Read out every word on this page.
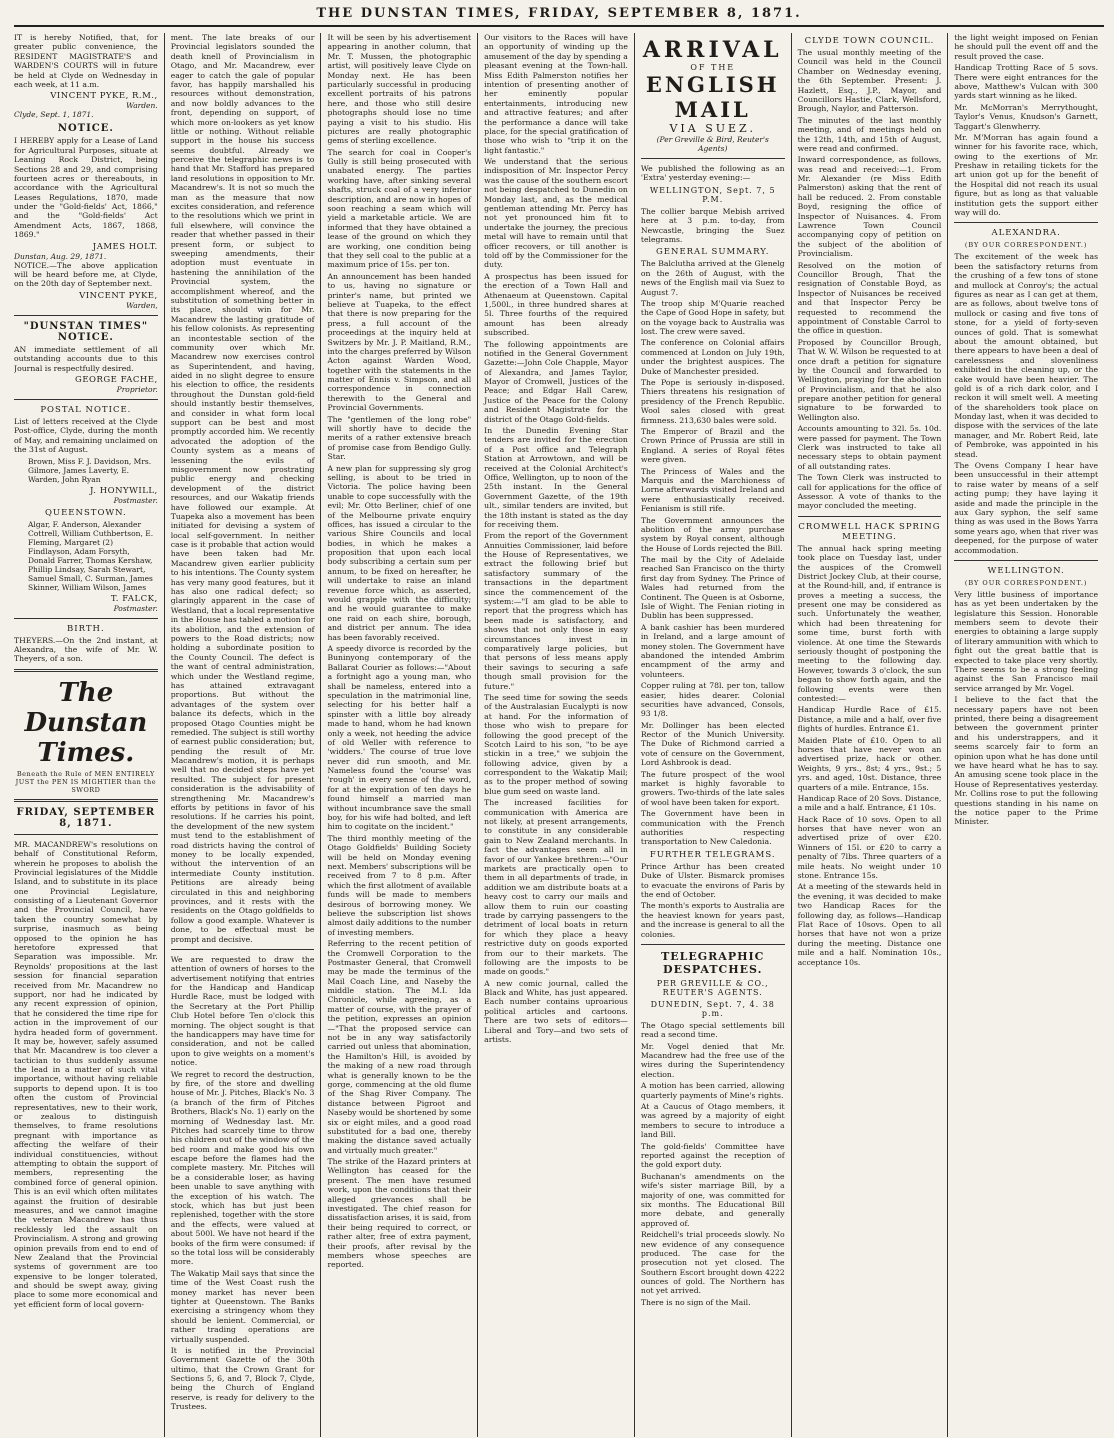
THE DUNSTAN TIMES, FRIDAY, SEPTEMBER 8, 1871.

IT is hereby Notified, that, for greater public convenience, the RESIDENT MAGISTRATE'S and WARDEN'S COURTS will in future be held at Clyde on Wednesday in each week, at 11 a.m.

VINCENT PYKE, R.M.,
Warden.
Clyde, Sept. 1, 1871.
NOTICE.

I HEREBY apply for a Lease of Land for Agricultural Purposes, situate at Leaning Rock District, being Sections 28 and 29, and comprising fourteen acres or thereabouts, in accordance with the Agricultural Leases Regulations, 1870, made under the "Gold-fields' Act, 1866," and the "Gold-fields' Act Amendment Acts, 1867, 1868, 1869."

JAMES HOLT.
Dunstan, Aug. 29, 1871.

NOTICE.—The above application will be heard before me, at Clyde, on the 20th day of September next.

VINCENT PYKE,
Warden,
"DUNSTAN TIMES" NOTICE.

AN immediate settlement of all outstanding accounts due to this Journal is respectfully desired.

GEORGE FACHE,
Proprietor.
POSTAL NOTICE.

List of letters received at the Clyde Post-office, Clyde, during the month of May, and remaining unclaimed on the 31st of August.

Brown, Miss F. J. Davidson, Mrs. Gilmore, James Laverty, E. Warden, John Ryan
J. HONYWILL,
Postmaster.
QUEENSTOWN.
Algar, F. Anderson, Alexander Cottrell, William Cuthbertson, E. Fleming, Margaret (2) Findlayson, Adam Forsyth, Donald Farrer, Thomas Kershaw, Phillip Lindsay, Sarah Stewart, Samuel Small, C. Surman, James Skinner, William Wilson, James
T. FALCK,
Postmaster.
BIRTH.

THEYERS.—On the 2nd instant, at Alexandra, the wife of Mr. W. Theyers, of a son.

The Dunstan Times.
Beneath the Rule of MEN ENTIRELY JUST the PEN IS MIGHTIER than the SWORD
FRIDAY, SEPTEMBER 8, 1871.

MR. MACANDREW's resolutions on behalf of Constitutional Reform, wherein he proposes to abolish the Provincial legislatures of the Middle Island, and to substitute in its place one Provincial Legislature, consisting of a Lieutenant Governor and the Provincial Council, have taken the country somewhat by surprise, inasmuch as being opposed to the opinion he has heretofore expressed that Separation was impossible. Mr. Reynolds' propositions at the last session for financial separation received from Mr. Macandrew no support, nor had he indicated by any recent expression of opinion, that he considered the time ripe for action in the improvement of our hydra headed form of government. It may be, however, safely assumed that Mr. Macandrew is too clever a tactician to thus suddenly assume the lead in a matter of such vital importance, without having reliable supports to depend upon. It is too often the custom of Provincial representatives, new to their work, or zealous to distinguish themselves, to frame resolutions pregnant with importance as affecting the welfare of their individual constituencies, without attempting to obtain the support of members, representing the combined force of general opinion. This is an evil which often militates against the fruition of desirable measures, and we cannot imagine the veteran Macandrew has thus recklessly led the assault on Provincialism. A strong and growing opinion prevails from end to end of New Zealand that the Provincial systems of government are too expensive to be longer tolerated, and should be swept away, giving place to some more economical and yet efficient form of local govern-

ment. The late breaks of our Provincial legislators sounded the death knell of Provincialism in Otago, and Mr. Macandrew, ever eager to catch the gale of popular favor, has happily marshalled his resources without demonstration, and now boldly advances to the front, depending on support, of which more on-lookers as yet know little or nothing. Without reliable support in the house his success seems doubtful. Already we perceive the telegraphic news is to hand that Mr. Stafford has prepared land resolutions in opposition to Mr. Macandrew's. It is not so much the man as the measure that now excites consideration, and reference to the resolutions which we print in full elsewhere, will convince the reader that whether passed in their present form, or subject to sweeping amendments, their adoption must eventuate in hastening the annihilation of the Provincial system, the accomplishment whereof, and the substitution of something better in its place, should win for Mr. Macandrew the lasting gratitude of his fellow colonists. As representing an incontestable section of the community over which Mr. Macandrew now exercises control as Superintendent, and having, aided in no slight degree to ensure his election to office, the residents throughout the Dunstan gold-field should instantly bestir themselves, and consider in what form local support can be best and most promptly accorded him. We recently advocated the adoption of the County system as a means of lessening the evils of misgovernment now prostrating public energy and checking development of the district resources, and our Wakatip friends have followed our example. At Tuapeka also a movement has been initiated for devising a system of local self-government. In neither case is it probable that action would have been taken had Mr. Macandrew given earlier publicity to his intentions. The County system has very many good features, but it has also one radical defect; so glaringly apparent in the case of Westland, that a local representative in the House has tabled a motion for its abolition, and the extension of powers to the Road districts; now holding a subordinate position to the County Council. The defect is the want of central administration, which under the Westland regime, has attained extravagant proportions. But without the advantages of the system over balance its defects, which in the proposed Otago Counties might be remedied. The subject is still worthy of earnest public consideration; but, pending the result of Mr. Macandrew's motion, it is perhaps well that no decided steps have yet resulted. The subject for present consideration is the advisability of strengthening Mr. Macandrew's efforts by petitions in favor of his resolutions. If he carries his point, the development of the new system must tend to the establishment of road districts having the control of money to be locally expended, without the intervention of an intermediate County institution. Petitions are already being circulated in this and neighboring provinces, and it rests with the residents on the Otago goldfields to follow a good example. Whatever is done, to be effectual must be prompt and decisive.

We are requested to draw the attention of owners of horses to the advertisement notifying that entries for the Handicap and Handicap Hurdle Race, must be lodged with the Secretary at the Port Phillip Club Hotel before Ten o'clock this morning. The object sought is that the handicappers may have time for consideration, and not be called upon to give weights on a moment's notice.

We regret to record the destruction, by fire, of the store and dwelling house of Mr. J. Pitches, Black's No. 3 (a branch of the firm of Pitches Brothers, Black's No. 1) early on the morning of Wednesday last. Mr. Pitches had scarcely time to throw his children out of the window of the bed room and make good his own escape before the flames had the complete mastery. Mr. Pitches will be a considerable loser, as having been unable to save anything with the exception of his watch. The stock, which has but just been replenished, together with the store and the effects, were valued at about 500l. We have not heard if the books of the firm were consumed: if so the total loss will be considerably more.

The Wakatip Mail says that since the time of the West Coast rush the money market has never been tighter at Queenstown. The Banks exercising a stringency whom they should be lenient. Commercial, or rather trading operations are virtually suspended.

It is notified in the Provincial Government Gazette of the 30th ultimo, that the Crown Grant for Sections 5, 6, and 7, Block 7, Clyde, being the Church of England reserve, is ready for delivery to the Trustees.

It will be seen by his advertisement appearing in another column, that Mr. T. Mussen, the photographic artist, will positively leave Clyde on Monday next. He has been particularly successful in producing excellent portraits of his patrons here, and those who still desire photographs should lose no time paying a visit to his studio. His pictures are really photographic gems of sterling excellence.

The search for coal in Cooper's Gully is still being prosecuted with unabated energy. The parties working have, after sinking several shafts, struck coal of a very inferior description, and are now in hopes of soon reaching a seam which will yield a marketable article. We are informed that they have obtained a lease of the ground on which they are working, one condition being that they sell coal to the public at a maximum price of 15s. per ton.

An announcement has been handed to us, having no signature or printer's name, but printed we believe at Tuapeka, to the effect that there is now preparing for the press, a full account of the proceedings at the inquiry held at Switzers by Mr. J. P. Maitland, R.M., into the charges preferred by Wilson Acton against Warden Wood, together with the statements in the matter of Ennis v. Simpson, and all correspondence in connection therewith to the General and Provincial Governments.

The "gentlemen of the long robe" will shortly have to decide the merits of a rather extensive breach of promise case from Bendigo Gully. Star.

A new plan for suppressing sly grog selling, is about to be tried in Victoria. The police having been unable to cope successfully with the evil; Mr. Otto Berliner, chief of one of the Melbourne private enquiry offices, has issued a circular to the various Shire Councils and local bodies, in which he makes a proposition that upon each local body subscribing a certain sum per annum, to be fixed on hereafter, he will undertake to raise an inland revenue force which, as asserted, would grapple with the difficulty; and he would guarantee to make one raid on each shire, borough, and district per annum. The idea has been favorably received.

A speedy divorce is recorded by the Buninyong contemporary of the Ballarat Courier as follows:—"About a fortnight ago a young man, who shall be nameless, entered into a speculation in the matrimonial line, selecting for his better half a spinster with a little boy already made to hand, whom he had known only a week, not heeding the advice of old Weller with reference to 'widders.' The course of true love never did run smooth, and Mr. Nameless found the 'course' was 'rough' in every sense of the word, for at the expiration of ten days he found himself a married man without incumbrance save the small boy, for his wife had bolted, and left him to cogitate on the incident."

The third monthly meeting of the Otago Goldfields' Building Society will be held on Monday evening next. Members' subscriptions will be received from 7 to 8 p.m. After which the first allotment of available funds will be made to members desirous of borrowing money. We believe the subscription list shows almost daily additions to the number of investing members.

Referring to the recent petition of the Cromwell Corporation to the Postmaster General, that Cromwell may be made the terminus of the Mail Coach Line, and Naseby the middle station. The M.I. Ida Chronicle, while agreeing, as a matter of course, with the prayer of the petition, expresses an opinion—"That the proposed service can not be in any way satisfactorily carried out unless that abomination, the Hamilton's Hill, is avoided by the making of a new road through what is generally known to be the gorge, commencing at the old flume of the Shag River Company. The distance between Pigroot and Naseby would be shortened by some six or eight miles, and a good road substituted for a bad one, thereby making the distance saved actually and virtually much greater."

The strike of the Hazard printers at Wellington has ceased for the present. The men have resumed work, upon the conditions that their alleged grievances shall be investigated. The chief reason for dissatisfaction arises, it is said, from their being required to correct, or rather alter, free of extra payment, their proofs, after revisal by the members whose speeches are reported.

Our visitors to the Races will have an opportunity of winding up the amusement of the day by spending a pleasant evening at the Town-hall. Miss Edith Palmerston notifies her intention of presenting another of her eminently popular entertainments, introducing new and attractive features; and after the performance a dance will take place, for the special gratification of those who wish to "trip it on the light fantastic."

We understand that the serious indisposition of Mr. Inspector Percy was the cause of the southern escort not being despatched to Dunedin on Monday last, and, as the medical gentleman attending Mr. Percy has not yet pronounced him fit to undertake the journey, the precious metal will have to remain until that officer recovers, or till another is told off by the Commissioner for the duty.

A prospectus has been issued for the erection of a Town Hall and Athenaeum at Queenstown. Capital 1,500l., in three hundred shares at 5l. Three fourths of the required amount has been already subscribed.

The following appointments are notified in the General Government Gazette:—John Cole Chapple, Mayor of Alexandra, and James Taylor, Mayor of Cromwell, Justices of the Peace; and Edgar Hall Carew, Justice of the Peace for the Colony and Resident Magistrate for the district of the Otago Gold-fields.

In the Dunedin Evening Star tenders are invited for the erection of a Post office and Telegraph Station at Arrowtown, and will be received at the Colonial Architect's Office, Wellington, up to noon of the 25th instant. In the General Government Gazette, of the 19th ult., similar tenders are invited, but the 18th instant is stated as the day for receiving them.

From the report of the Government Annuities Commissioner, laid before the House of Representatives, we extract the following brief but satisfactory summary of the transactions in the department since the commencement of the system:—"I am glad to be able to report that the progress which has been made is satisfactory, and shows that not only those in easy circumstances invest in comparatively large policies, but that persons of less means apply their savings to securing a safe though small provision for the future."

The seed time for sowing the seeds of the Australasian Eucalypti is now at hand. For the information of those who wish to prepare for following the good precept of the Scotch Laird to his son, "to be aye stickin in a tree," we subjoin the following advice, given by a correspondent to the Wakatip Mail; as to the proper method of sowing blue gum seed on waste land.

The increased facilities for communication with America are not likely, at present arrangements, to constitute in any considerable gain to New Zealand merchants. In fact the advantages seem all in favor of our Yankee brethren:—"Our markets are practically open to them in all departments of trade, in addition we am distribute boats at a heavy cost to carry our mails and allow them to ruin our coasting trade by carrying passengers to the detriment of local boats in return for which they place a heavy restrictive duty on goods exported from our to their markets. The following are the imposts to be made on goods."

A new comic journal, called the Black and White, has just appeared. Each number contains uproarious political articles and cartoons. There are two sets of editors—Liberal and Tory—and two sets of artists.

ARRIVAL
OF THE
ENGLISH MAIL
VIA SUEZ.
(Per Greville & Bird, Reuter's Agents)

We published the following as an 'Extra' yesterday evening:—

WELLINGTON, Sept. 7, 5 P.M.

The collier barque Mebish arrived here at 3 p.m. to-day, from Newcastle, bringing the Suez telegrams.

GENERAL SUMMARY.

The Balclutha arrived at the Glenelg on the 26th of August, with the news of the English mail via Suez to August 7.

The troop ship M'Quarie reached the Cape of Good Hope in safety, but on the voyage back to Australia was lost. The crew were saved.

The conference on Colonial affairs commenced at London on July 19th, under the brightest auspices. The Duke of Manchester presided.

The Pope is seriously in-disposed. Thiers threatens his resignation of presidency of the French Republic. Wool sales closed with great firmness. 213,630 bales were sold.

The Emperor of Brazil and the Crown Prince of Prussia are still in England. A series of Royal fêtes were given.

The Princess of Wales and the Marquis and the Marchioness of Lorne afterwards visited Ireland and were enthusiastically received. Fenianism is still rife.

The Government announces the abolition of the army purchase system by Royal consent, although the House of Lords rejected the Bill.

The mail by the City of Adelaide reached San Francisco on the thirty first day from Sydney. The Prince of Wales had returned from the Continent. The Queen is at Osborne, Isle of Wight. The Fenian rioting in Dublin has been suppressed.

A bank cashier has been murdered in Ireland, and a large amount of money stolen. The Government have abandoned the intended Ambrim encampment of the army and volunteers.

Copper ruling at 78l. per ton, tallow easier, hides dearer. Colonial securities have advanced, Consols, 93 1/8.

Mr. Dollinger has been elected Rector of the Munich University. The Duke of Richmond carried a vote of censure on the Government, Lord Ashbrook is dead.

The future prospect of the wool market is highly favorable to growers. Two-thirds of the late sales of wool have been taken for export.

The Government have been in communication with the French authorities respecting transportation to New Caledonia.

FURTHER TELEGRAMS.

Prince Arthur has been created Duke of Ulster. Bismarck promises to evacuate the environs of Paris by the end of October.

The month's exports to Australia are the heaviest known for years past, and the increase is general to all the colonies.

TELEGRAPHIC DESPATCHES.
PER GREVILLE & CO., REUTER'S AGENTS.
DUNEDIN, Sept. 7, 4. 38 p.m.

The Otago special settlements bill read a second time.

Mr. Vogel denied that Mr. Macandrew had the free use of the wires during the Superintendency election.

A motion has been carried, allowing quarterly payments of Mine's rights.

At a Caucus of Otago members, it was agreed by a majority of eight members to secure to introduce a land Bill.

The gold-fields' Committee have reported against the reception of the gold export duty.

Buchanan's amendments on the wife's sister marriage Bill, by a majority of one, was committed for six months. The Educational Bill more debate, and generally approved of.

Reidchell's trial proceeds slowly. No new evidence of any consequence produced. The case for the prosecution not yet closed. The Southern Escort brought down 4222 ounces of gold. The Northern has not yet arrived.

There is no sign of the Mail.

CLYDE TOWN COUNCIL.

The usual monthly meeting of the Council was held in the Council Chamber on Wednesday evening, the 6th September. Present: J. Hazlett, Esq., J.P., Mayor, and Councillors Hastie, Clark, Wellsford, Brough, Naylor, and Patterson.

The minutes of the last monthly meeting, and of meetings held on the 12th, 14th, and 15th of August, were read and confirmed.

Inward correspondence, as follows, was read and received:—1. From Mr. Alexander (re Miss Edith Palmerston) asking that the rent of hall be reduced. 2. From constable Boyd, resigning the office of Inspector of Nuisances. 4. From Lawrence Town Council accompanying copy of petition on the subject of the abolition of Provincialism.

Resolved on the motion of Councillor Brough, That the resignation of Constable Boyd, as Inspector of Nuisances be received and that Inspector Percy be requested to recommend the appointment of Constable Carrol to the office in question.

Proposed by Councillor Brough, That W. W. Wilson be requested to at once draft a petition for signature by the Council and forwarded to Wellington, praying for the abolition of Provincialism, and that he also prepare another petition for general signature to be forwarded to Wellington also.

Accounts amounting to 32l. 5s. 10d. were passed for payment. The Town Clerk was instructed to take all necessary steps to obtain payment of all outstanding rates.

The Town Clerk was instructed to call for applications for the office of Assessor. A vote of thanks to the mayor concluded the meeting.

CROMWELL HACK SPRING MEETING.

The annual hack spring meeting took place on Tuesday last, under the auspices of the Cromwell District Jockey Club, at their course, at the Round-hill, and, if entrance is proves a meeting a success, the present one may be considered as such. Unfortunately the weather, which had been threatening for some time, burst forth with violence. At one time the Stewards seriously thought of postponing the meeting to the following day. However, towards 3 o'clock, the sun began to show forth again, and the following events were then contested:—

Handicap Hurdle Race of £15. Distance, a mile and a half, over five flights of hurdles. Entrance £1.

Maiden Plate of £10. Open to all horses that have never won an advertised prize, hack or other. Weights, 9 yrs., 8st; 4 yrs., 9st.; 5 yrs. and aged, 10st. Distance, three quarters of a mile. Entrance, 15s.

Handicap Race of 20 Sovs. Distance, a mile and a half. Entrance, £1 10s.

Hack Race of 10 sovs. Open to all horses that have never won an advertised prize of over £20. Winners of 15l. or £20 to carry a penalty of 7lbs. Three quarters of a mile heats. No weight under 10 stone. Entrance 15s.

At a meeting of the stewards held in the evening, it was decided to make two Handicap Races for the following day, as follows—Handicap Flat Race of 10sovs. Open to all horses that have not won a prize during the meeting. Distance one mile and a half. Nomination 10s., acceptance 10s.

the light weight imposed on Fenian he should pull the event off and the result proved the case.

Handicap Trotting Race of 5 sovs. There were eight entrances for the above, Matthew's Vulcan with 300 yards start winning as he liked.

Mr. McMorran's Merrythought, Taylor's Venus, Knudson's Garnett, Taggart's Glenwherry.

Mr. M'Morran has again found a winner for his favorite race, which, owing to the exertions of Mr. Preshaw in retailing tickets for the art union got up for the benefit of the Hospital did not reach its usual figure, but as long as that valuable institution gets the support either way will do.

ALEXANDRA.
(BY OUR CORRESPONDENT.)

The excitement of the week has been the satisfactory returns from the crushing of a few tons of stone and mullock at Conroy's; the actual figures as near as I can get at them, are as follows, about twelve tons of mullock or casing and five tons of stone, for a yield of forty-seven ounces of gold. That is somewhat about the amount obtained, but there appears to have been a deal of carelessness and slovenliness exhibited in the cleaning up, or the cake would have been heavier. The gold is of a rich dark color, and I reckon it will smelt well. A meeting of the shareholders took place on Monday last, when it was decided to dispose with the services of the late manager, and Mr. Robert Reid, late of Pembroke, was appointed in his stead.

The Ovens Company I hear have been unsuccessful in their attempt to raise water by means of a self acting pump; they have laying it aside and made the principle in the aux Gary syphon, the self same thing as was used in the Bows Yarra some years ago, when that river was deepened, for the purpose of water accommodation.

WELLINGTON.
(BY OUR CORRESPONDENT.)

Very little business of importance has as yet been undertaken by the legislature this Session. Honorable members seem to devote their energies to obtaining a large supply of literary ammunition with which to fight out the great battle that is expected to take place very shortly. There seems to be a strong feeling against the San Francisco mail service arranged by Mr. Vogel.

I believe to the fact that the necessary papers have not been printed, there being a disagreement between the government printer and his understrappers, and it seems scarcely fair to form an opinion upon what he has done until we have heard what he has to say. An amusing scene took place in the House of Representatives yesterday. Mr. Collins rose to put the following questions standing in his name on the notice paper to the Prime Minister.
